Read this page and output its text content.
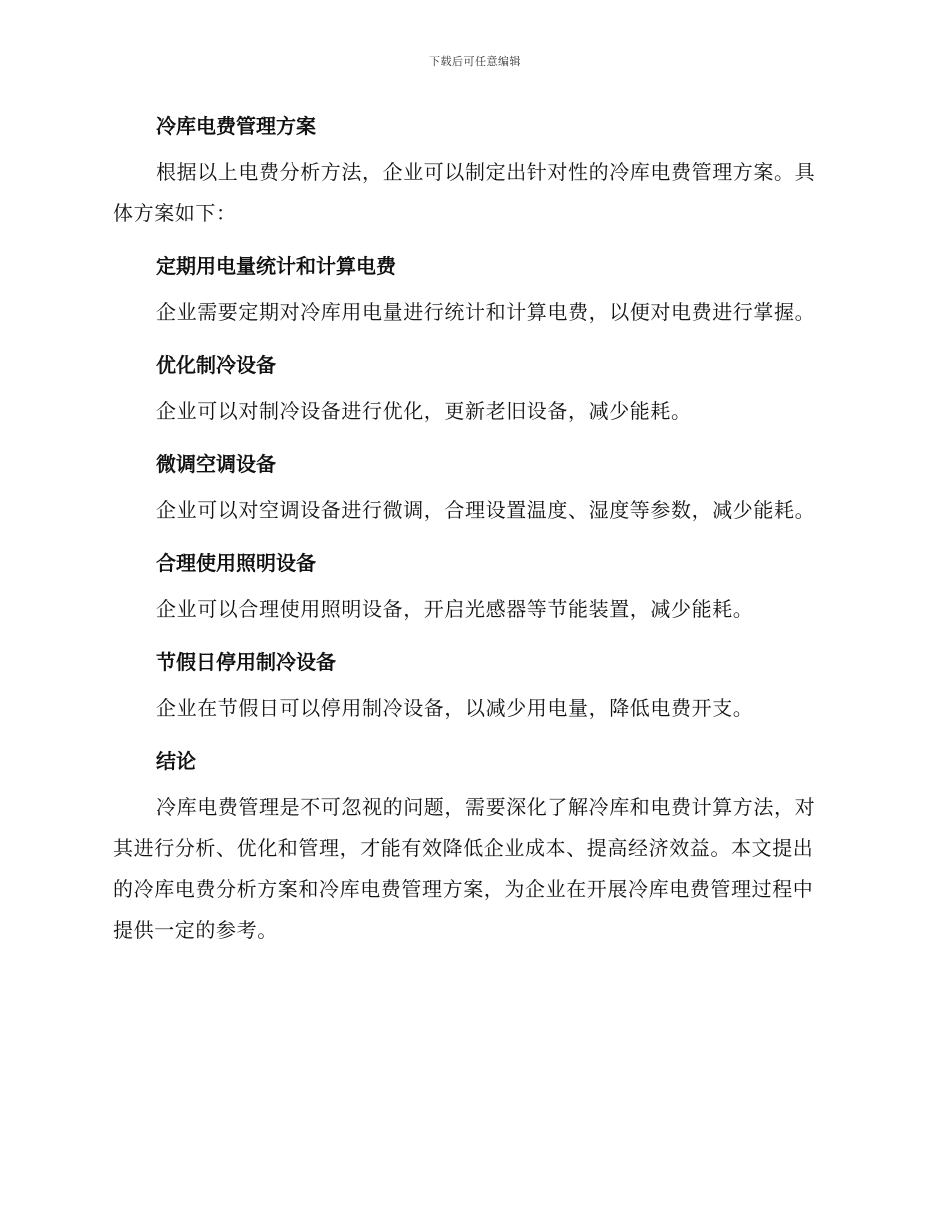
下载后可任意编辑
冷库电费管理方案

根据以上电费分析方法，企业可以制定出针对性的冷库电费管理方案。具体方案如下：

定期用电量统计和计算电费

企业需要定期对冷库用电量进行统计和计算电费，以便对电费进行掌握。

优化制冷设备

企业可以对制冷设备进行优化，更新老旧设备，减少能耗。

微调空调设备

企业可以对空调设备进行微调，合理设置温度、湿度等参数，减少能耗。

合理使用照明设备

企业可以合理使用照明设备，开启光感器等节能装置，减少能耗。

节假日停用制冷设备

企业在节假日可以停用制冷设备，以减少用电量，降低电费开支。

结论

冷库电费管理是不可忽视的问题，需要深化了解冷库和电费计算方法，对其进行分析、优化和管理，才能有效降低企业成本、提高经济效益。本文提出的冷库电费分析方案和冷库电费管理方案，为企业在开展冷库电费管理过程中提供一定的参考。
